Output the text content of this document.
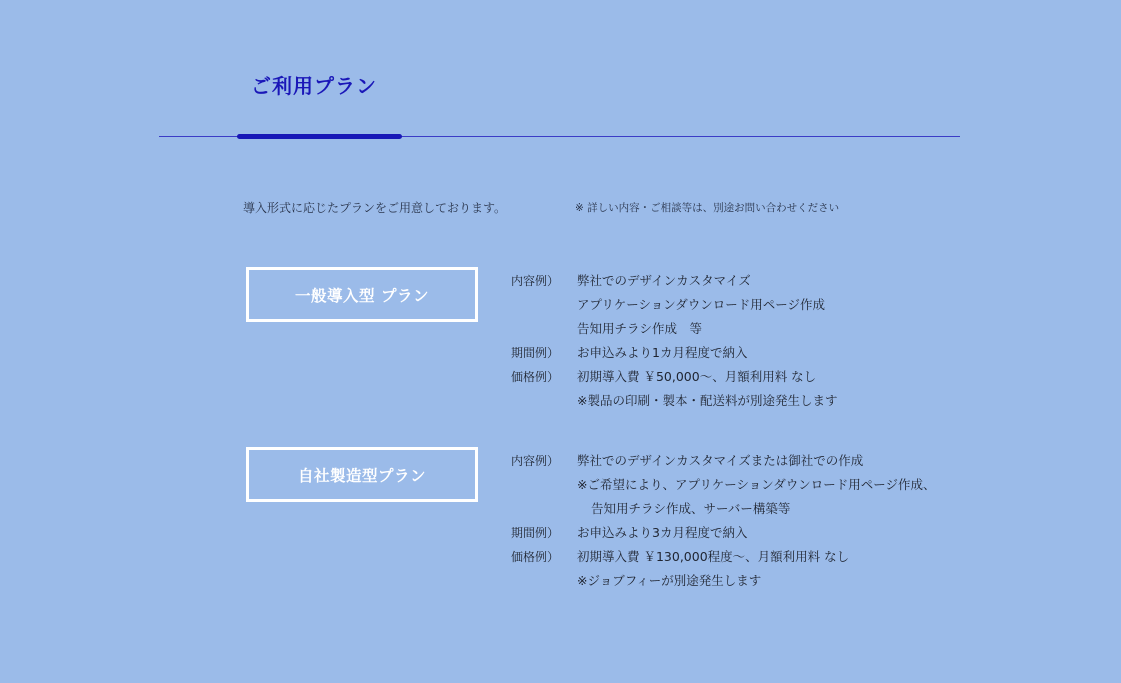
ご利用プラン
導入形式に応じたプランをご用意しております。	※ 詳しい内容・ご相談等は、別途お問い合わせください
一般導入型 プラン
内容例）	弊社でのデザインカスタマイズ
アプリケーションダウンロード用ページ作成
告知用チラシ作成　等
期間例）	お申込みより1カ月程度で納入
価格例）	初期導入費 ￥50,000～、月額利用料 なし
※製品の印刷・製本・配送料が別途発生します
自社製造型プラン
内容例）	弊社でのデザインカスタマイズまたは御社での作成
※ご希望により、アプリケーションダウンロード用ページ作成、
告知用チラシ作成、サーバー構築等
期間例）	お申込みより3カ月程度で納入
価格例）	初期導入費 ￥130,000程度～、月額利用料 なし
※ジョブフィーが別途発生します
